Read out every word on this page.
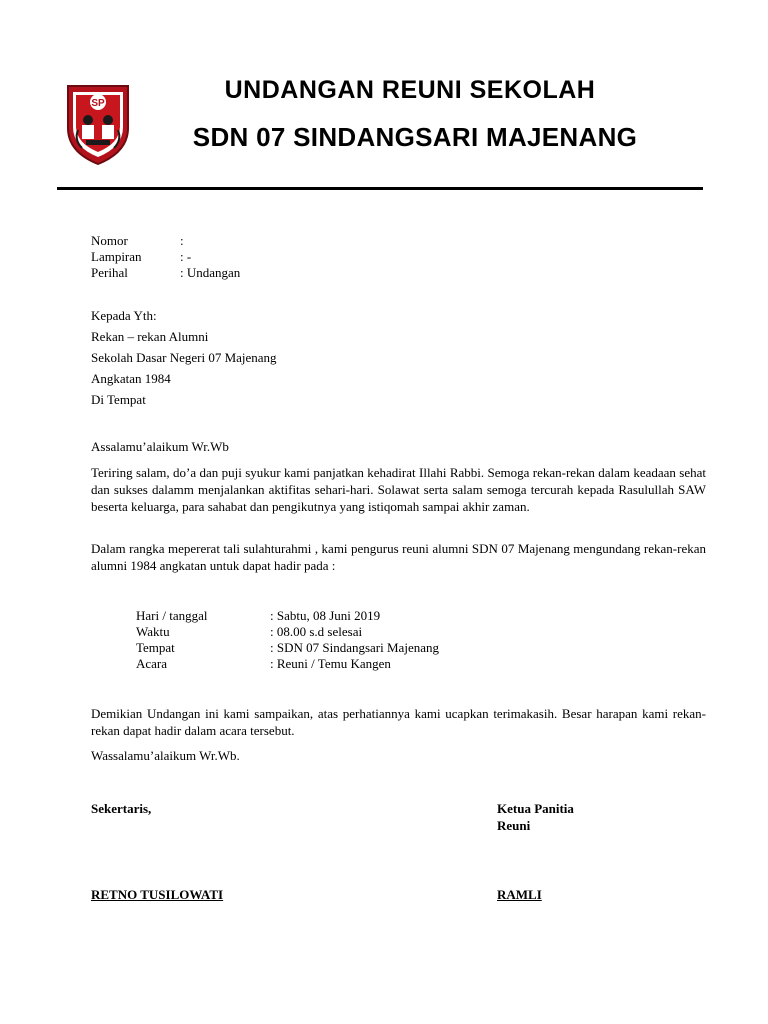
SP	UNDANGAN REUNI SEKOLAH
SDN 07 SINDANGSARI MAJENANG
Nomor	:
Lampiran	: -
Perihal	: Undangan
Kepada Yth:
Rekan – rekan Alumni
Sekolah Dasar Negeri 07 Majenang
Angkatan 1984
Di Tempat
Assalamu’alaikum Wr.Wb
Teriring salam, do’a dan puji syukur kami panjatkan kehadirat Illahi Rabbi. Semoga rekan-rekan dalam keadaan sehat dan sukses dalamm menjalankan aktifitas sehari-hari. Solawat serta salam semoga tercurah kepada Rasulullah SAW beserta keluarga, para sahabat dan pengikutnya yang istiqomah sampai akhir zaman.
Dalam rangka mepererat tali sulahturahmi , kami pengurus reuni alumni SDN 07 Majenang mengundang rekan-rekan alumni 1984 angkatan untuk dapat hadir pada :
Hari / tanggal	: Sabtu, 08 Juni 2019
Waktu	: 08.00 s.d selesai
Tempat	: SDN 07 Sindangsari Majenang
Acara	: Reuni / Temu Kangen
Demikian Undangan ini kami sampaikan, atas perhatiannya kami ucapkan terimakasih. Besar harapan kami rekan-rekan dapat hadir dalam acara tersebut.
Wassalamu’alaikum Wr.Wb.
Sekertaris,	Ketua Panitia
Reuni
RETNO TUSILOWATI	RAMLI
